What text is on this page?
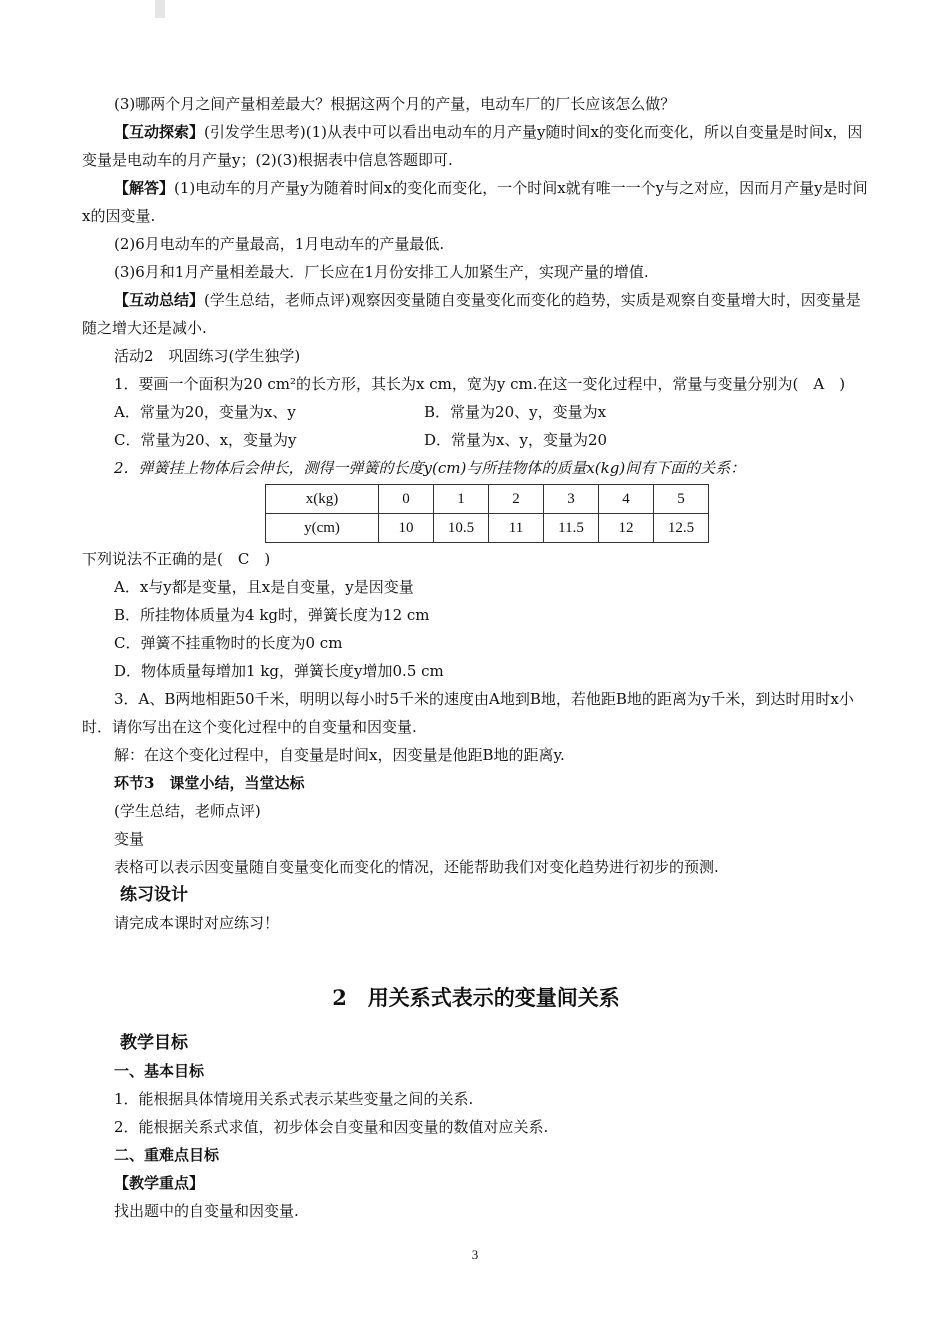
(3)哪两个月之间产量相差最大？根据这两个月的产量，电动车厂的厂长应该怎么做？

【互动探索】(引发学生思考)(1)从表中可以看出电动车的月产量y随时间x的变化而变化，所以自变量是时间x，因变量是电动车的月产量y；(2)(3)根据表中信息答题即可.

【解答】(1)电动车的月产量y为随着时间x的变化而变化，一个时间x就有唯一一个y与之对应，因而月产量y是时间x的因变量.

(2)6月电动车的产量最高，1月电动车的产量最低.

(3)6月和1月产量相差最大．厂长应在1月份安排工人加紧生产，实现产量的增值.

【互动总结】(学生总结，老师点评)观察因变量随自变量变化而变化的趋势，实质是观察自变量增大时，因变量是随之增大还是减小.

活动2　巩固练习(学生独学)

1．要画一个面积为20 cm²的长方形，其长为x cm，宽为y cm.在这一变化过程中，常量与变量分别为(　A　)

A．常量为20，变量为x、y	B．常量为20、y，变量为x
C．常量为20、x，变量为y	D．常量为x、y，变量为20

2．弹簧挂上物体后会伸长，测得一弹簧的长度y(cm)与所挂物体的质量x(kg)间有下面的关系：

x(kg)	0	1	2	3	4	5
y(cm)	10	10.5	11	11.5	12	12.5

下列说法不正确的是(　C　)

A．x与y都是变量，且x是自变量，y是因变量

B．所挂物体质量为4 kg时，弹簧长度为12 cm

C．弹簧不挂重物时的长度为0 cm

D．物体质量每增加1 kg，弹簧长度y增加0.5 cm

3．A、B两地相距50千米，明明以每小时5千米的速度由A地到B地，若他距B地的距离为y千米，到达时用时x小时．请你写出在这个变化过程中的自变量和因变量.

解：在这个变化过程中，自变量是时间x，因变量是他距B地的距离y.

环节3　课堂小结，当堂达标

(学生总结，老师点评)

变量

表格可以表示因变量随自变量变化而变化的情况，还能帮助我们对变化趋势进行初步的预测.

练习设计

请完成本课时对应练习！

2　用关系式表示的变量间关系

教学目标

一、基本目标

1．能根据具体情境用关系式表示某些变量之间的关系.

2．能根据关系式求值，初步体会自变量和因变量的数值对应关系.

二、重难点目标

【教学重点】

找出题中的自变量和因变量.

3
